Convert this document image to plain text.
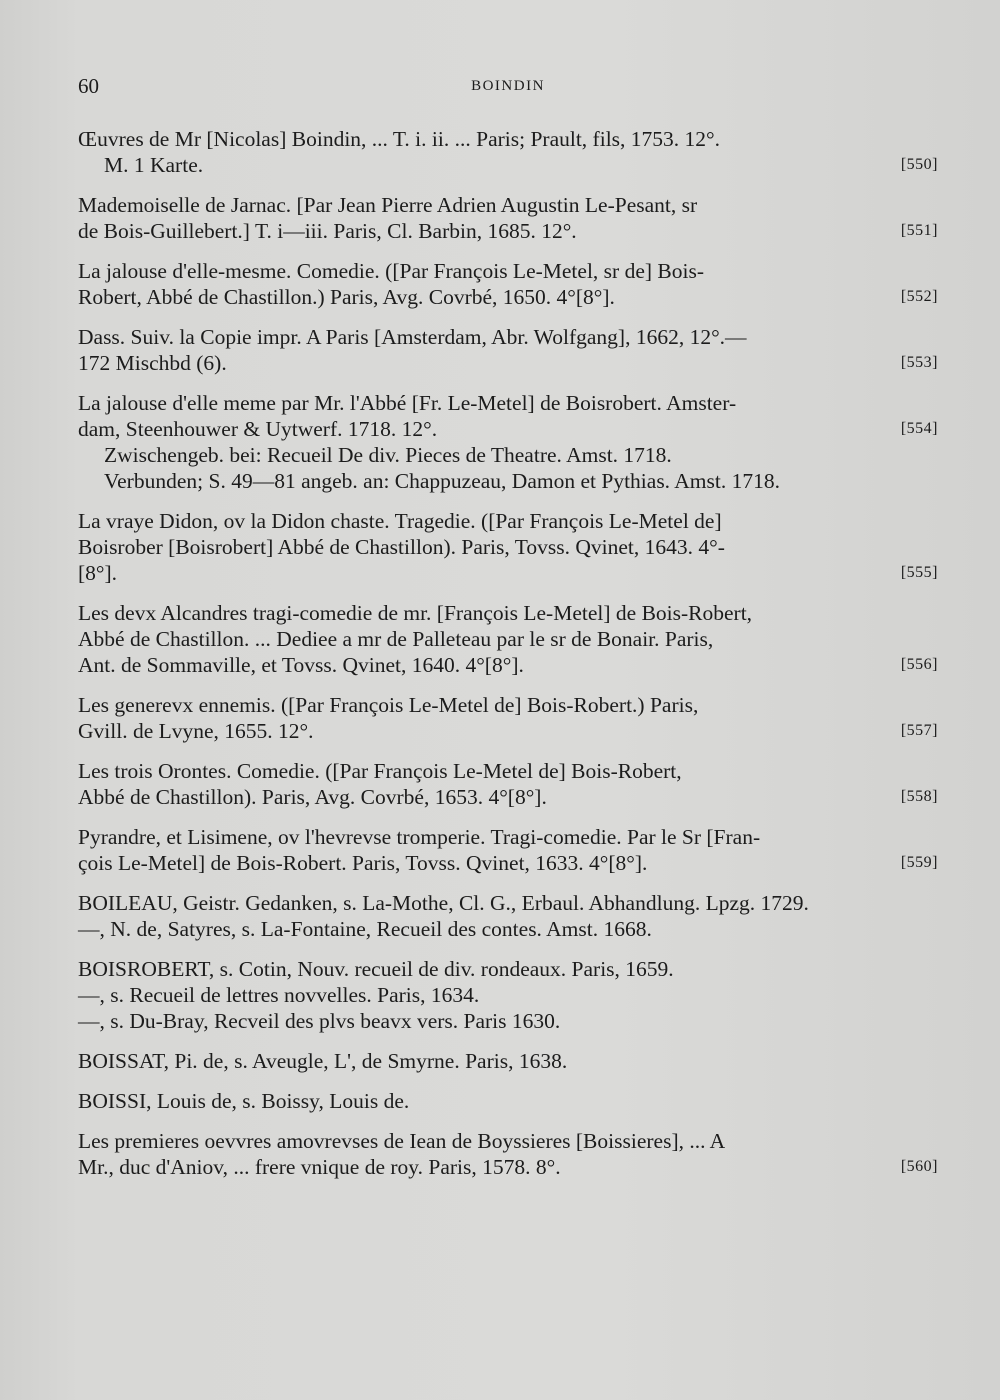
60	BOINDIN
Œuvres de Mr [Nicolas] Boindin, ... T. i. ii. ... Paris; Prault, fils, 1753. 12°.
M. 1 Karte.	[550]
Mademoiselle de Jarnac. [Par Jean Pierre Adrien Augustin Le-Pesant, sr
de Bois-Guillebert.] T. i—iii. Paris, Cl. Barbin, 1685. 12°.	[551]
La jalouse d'elle-mesme. Comedie. ([Par François Le-Metel, sr de] Bois-
Robert, Abbé de Chastillon.) Paris, Avg. Covrbé, 1650. 4°[8°].	[552]
Dass. Suiv. la Copie impr. A Paris [Amsterdam, Abr. Wolfgang], 1662, 12°.—
172 Mischbd (6).	[553]
La jalouse d'elle meme par Mr. l'Abbé [Fr. Le-Metel] de Boisrobert. Amster-
dam, Steenhouwer & Uytwerf. 1718. 12°.	[554]
Zwischengeb. bei: Recueil De div. Pieces de Theatre. Amst. 1718.
Verbunden; S. 49—81 angeb. an: Chappuzeau, Damon et Pythias. Amst. 1718.
La vraye Didon, ov la Didon chaste. Tragedie. ([Par François Le-Metel de]
Boisrober [Boisrobert] Abbé de Chastillon). Paris, Tovss. Qvinet, 1643. 4°-
[8°].	[555]
Les devx Alcandres tragi-comedie de mr. [François Le-Metel] de Bois-Robert,
Abbé de Chastillon. ... Dediee a mr de Palleteau par le sr de Bonair. Paris,
Ant. de Sommaville, et Tovss. Qvinet, 1640. 4°[8°].	[556]
Les generevx ennemis. ([Par François Le-Metel de] Bois-Robert.) Paris,
Gvill. de Lvyne, 1655. 12°.	[557]
Les trois Orontes. Comedie. ([Par François Le-Metel de] Bois-Robert,
Abbé de Chastillon). Paris, Avg. Covrbé, 1653. 4°[8°].	[558]
Pyrandre, et Lisimene, ov l'hevrevse tromperie. Tragi-comedie. Par le Sr [Fran-
çois Le-Metel] de Bois-Robert. Paris, Tovss. Qvinet, 1633. 4°[8°].	[559]
BOILEAU, Geistr. Gedanken, s. La-Mothe, Cl. G., Erbaul. Abhandlung. Lpzg. 1729.
—, N. de, Satyres, s. La-Fontaine, Recueil des contes. Amst. 1668.
BOISROBERT, s. Cotin, Nouv. recueil de div. rondeaux. Paris, 1659.
—, s. Recueil de lettres novvelles. Paris, 1634.
—, s. Du-Bray, Recveil des plvs beavx vers. Paris 1630.
BOISSAT, Pi. de, s. Aveugle, L', de Smyrne. Paris, 1638.
BOISSI, Louis de, s. Boissy, Louis de.
Les premieres oevvres amovrevses de Iean de Boyssieres [Boissieres], ... A
Mr., duc d'Aniov, ... frere vnique de roy. Paris, 1578. 8°.	[560]
